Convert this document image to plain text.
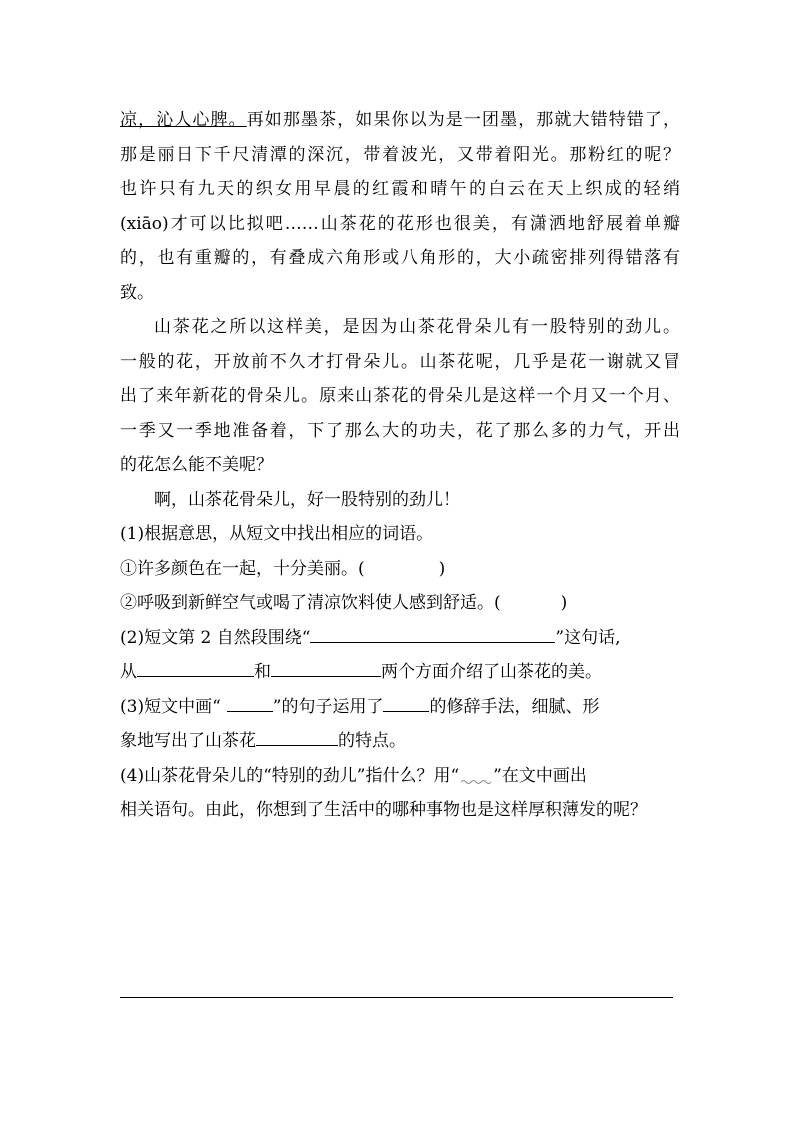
凉，沁人心脾。再如那墨茶，如果你以为是一团墨，那就大错特错了，
那是丽日下千尺清潭的深沉，带着波光，又带着阳光。那粉红的呢？
也许只有九天的织女用早晨的红霞和晴午的白云在天上织成的轻绡
(xiāo)才可以比拟吧……山茶花的花形也很美，有潇洒地舒展着单瓣
的，也有重瓣的，有叠成六角形或八角形的，大小疏密排列得错落有
致。
山茶花之所以这样美，是因为山茶花骨朵儿有一股特别的劲儿。
一般的花，开放前不久才打骨朵儿。山茶花呢，几乎是花一谢就又冒
出了来年新花的骨朵儿。原来山茶花的骨朵儿是这样一个月又一个月、
一季又一季地准备着，下了那么大的功夫，花了那么多的力气，开出
的花怎么能不美呢？
啊，山茶花骨朵儿，好一股特别的劲儿！
(1)根据意思，从短文中找出相应的词语。
①许多颜色在一起，十分美丽。(	)
②呼吸到新鲜空气或喝了清凉饮料使人感到舒适。(	)
(2)短文第 2 自然段围绕“	”这句话,
从	和	两个方面介绍了山茶花的美。
(3)短文中画“	”的句子运用了	的修辞手法，细腻、形
象地写出了山茶花	的特点。
(4)山茶花骨朵儿的“特别的劲儿”指什么？用“ ”在文中画出
相关语句。由此，你想到了生活中的哪种事物也是这样厚积薄发的呢？
